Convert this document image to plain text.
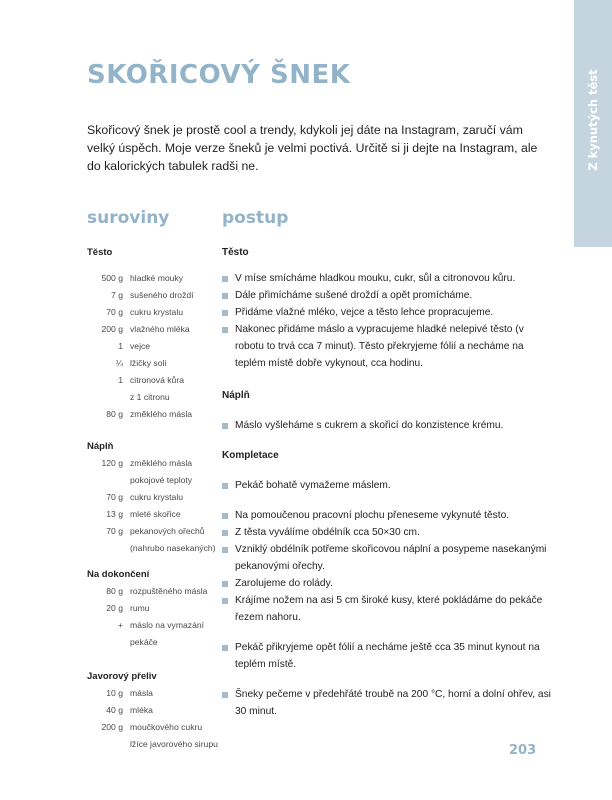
Z kynutých těst
SKOŘICOVÝ ŠNEK

Skořicový šnek je prostě cool a trendy, kdykoli jej dáte na Instagram, zaručí vám velký úspěch. Moje verze šneků je velmi poctivá. Určitě si ji dejte na Instagram, ale do kalorických tabulek radši ne.

suroviny	postup
Těsto
500 g hladké mouky
7 g sušeného droždí
70 g cukru krystalu
200 g vlažného mléka
1 vejce
¼ lžičky soli
1 citronová kůra
z 1 citronu
80 g změklého másla
Náplň
120 g změklého másla
pokojové teploty
70 g cukru krystalu
13 g mleté skořice
70 g pekanových ořechů
(nahrubo nasekaných)
Na dokončení
80 g rozpuštěného másla
20 g rumu
+ máslo na vymazání
pekáče
Javorový přeliv
10 g másla
40 g mléka
200 g moučkového cukru
lžíce javorového sirupu
Těsto
V míse smícháme hladkou mouku, cukr, sůl a citronovou kůru.
Dále přimícháme sušené droždí a opět promícháme.
Přidáme vlažné mléko, vejce a těsto lehce propracujeme.
Nakonec přidáme máslo a vypracujeme hladké nelepivé těsto (v robotu to trvá cca 7 minut). Těsto překryjeme fólií a necháme na teplém místě dobře vykynout, cca hodinu.
Náplň
Máslo vyšleháme s cukrem a skořicí do konzistence krému.
Kompletace
Pekáč bohatě vymažeme máslem.
Na pomoučenou pracovní plochu přeneseme vykynuté těsto.
Z těsta vyválíme obdélník cca 50×30 cm.
Vzniklý obdélník potřeme skořicovou náplní a posypeme nasekanými pekanovými ořechy.
Zarolujeme do rolády.
Krájíme nožem na asi 5 cm široké kusy, které pokládáme do pekáče řezem nahoru.
Pekáč přikryjeme opět fólií a necháme ještě cca 35 minut kynout na teplém místě.
Šneky pečeme v předehřáté troubě na 200 °C, horní a dolní ohřev, asi 30 minut.
203
